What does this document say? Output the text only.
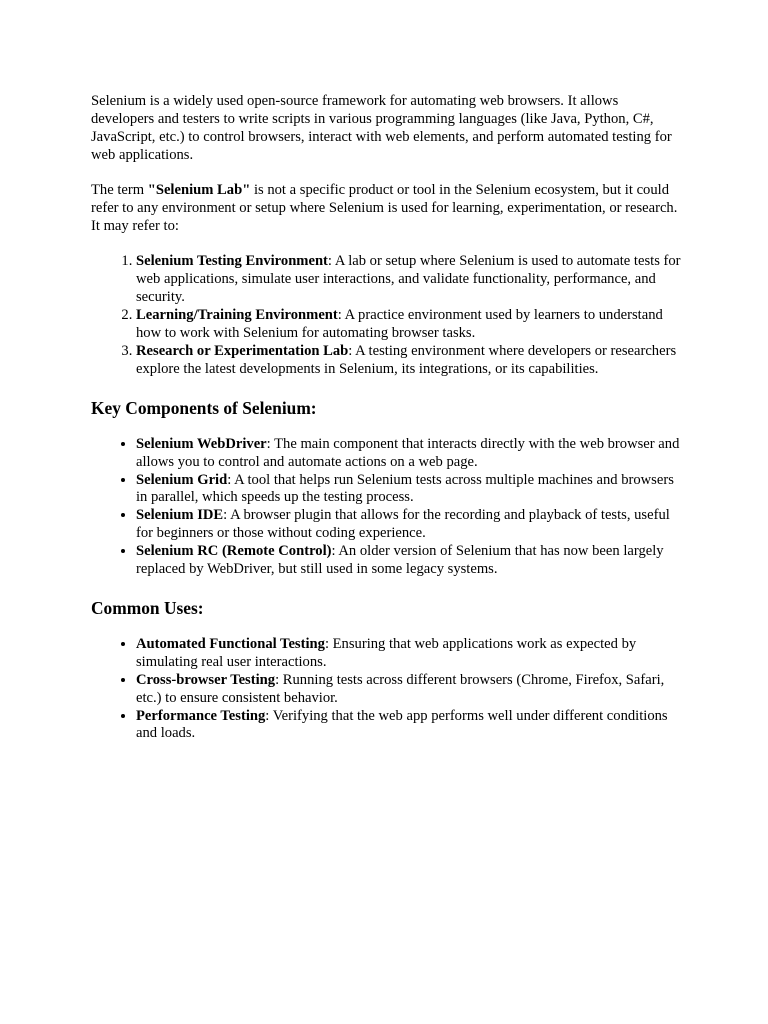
Selenium is a widely used open-source framework for automating web browsers. It allows developers and testers to write scripts in various programming languages (like Java, Python, C#, JavaScript, etc.) to control browsers, interact with web elements, and perform automated testing for web applications.

The term "Selenium Lab" is not a specific product or tool in the Selenium ecosystem, but it could refer to any environment or setup where Selenium is used for learning, experimentation, or research. It may refer to:

1. Selenium Testing Environment: A lab or setup where Selenium is used to automate tests for web applications, simulate user interactions, and validate functionality, performance, and security.
2. Learning/Training Environment: A practice environment used by learners to understand how to work with Selenium for automating browser tasks.
3. Research or Experimentation Lab: A testing environment where developers or researchers explore the latest developments in Selenium, its integrations, or its capabilities.
Key Components of Selenium:
• Selenium WebDriver: The main component that interacts directly with the web browser and allows you to control and automate actions on a web page.
• Selenium Grid: A tool that helps run Selenium tests across multiple machines and browsers in parallel, which speeds up the testing process.
• Selenium IDE: A browser plugin that allows for the recording and playback of tests, useful for beginners or those without coding experience.
• Selenium RC (Remote Control): An older version of Selenium that has now been largely replaced by WebDriver, but still used in some legacy systems.
Common Uses:
• Automated Functional Testing: Ensuring that web applications work as expected by simulating real user interactions.
• Cross-browser Testing: Running tests across different browsers (Chrome, Firefox, Safari, etc.) to ensure consistent behavior.
• Performance Testing: Verifying that the web app performs well under different conditions and loads.
